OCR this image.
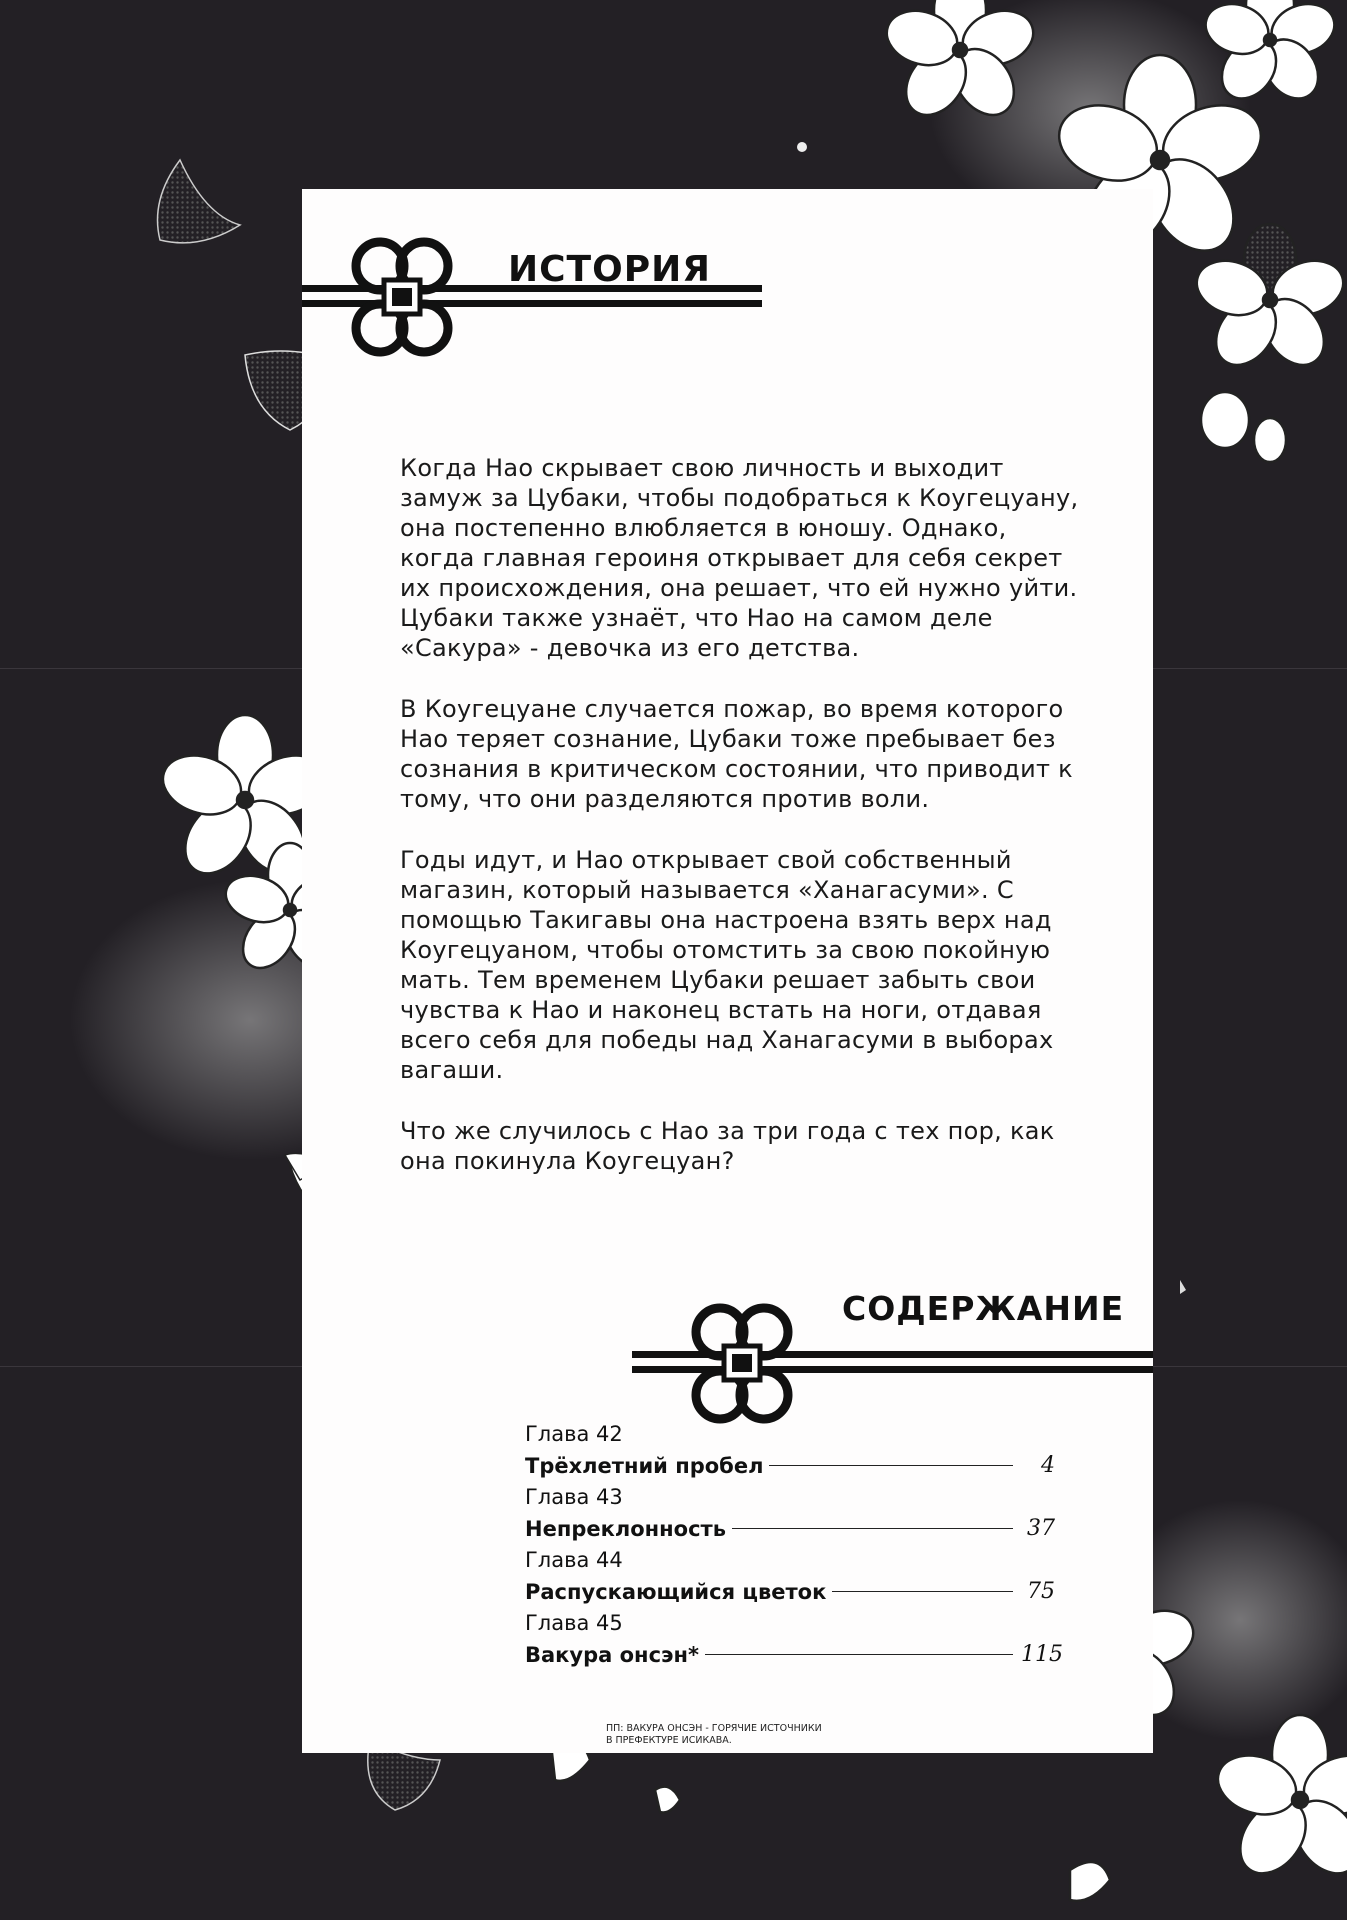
ИСТОРИЯ

Когда Нао скрывает свою личность и выходит замуж за Цубаки, чтобы подобраться к Коугецуану, она постепенно влюбляется в юношу. Однако, когда главная героиня открывает для себя секрет их происхождения, она решает, что ей нужно уйти. Цубаки также узнаёт, что Нао на самом деле «Сакура» - девочка из его детства.

В Коугецуане случается пожар, во время которого Нао теряет сознание, Цубаки тоже пребывает без сознания в критическом состоянии, что приводит к тому, что они разделяются против воли.

Годы идут, и Нао открывает свой собственный магазин, который называется «Ханагасуми». С помощью Такигавы она настроена взять верх над Коугецуаном, чтобы отомстить за свою покойную мать. Тем временем Цубаки решает забыть свои чувства к Нао и наконец встать на ноги, отдавая всего себя для победы над Ханагасуми в выборах вагаши.

Что же случилось с Нао за три года с тех пор, как она покинула Коугецуан?

СОДЕРЖАНИЕ
Глава 42
Трёхлетний пробел	4
Глава 43
Непреклонность	37
Глава 44
Распускающийся цветок	75
Глава 45
Вакура онсэн*	115
ПП: ВАКУРА ОНСЭН - ГОРЯЧИЕ ИСТОЧНИКИ
В ПРЕФЕКТУРЕ ИСИКАВА.
